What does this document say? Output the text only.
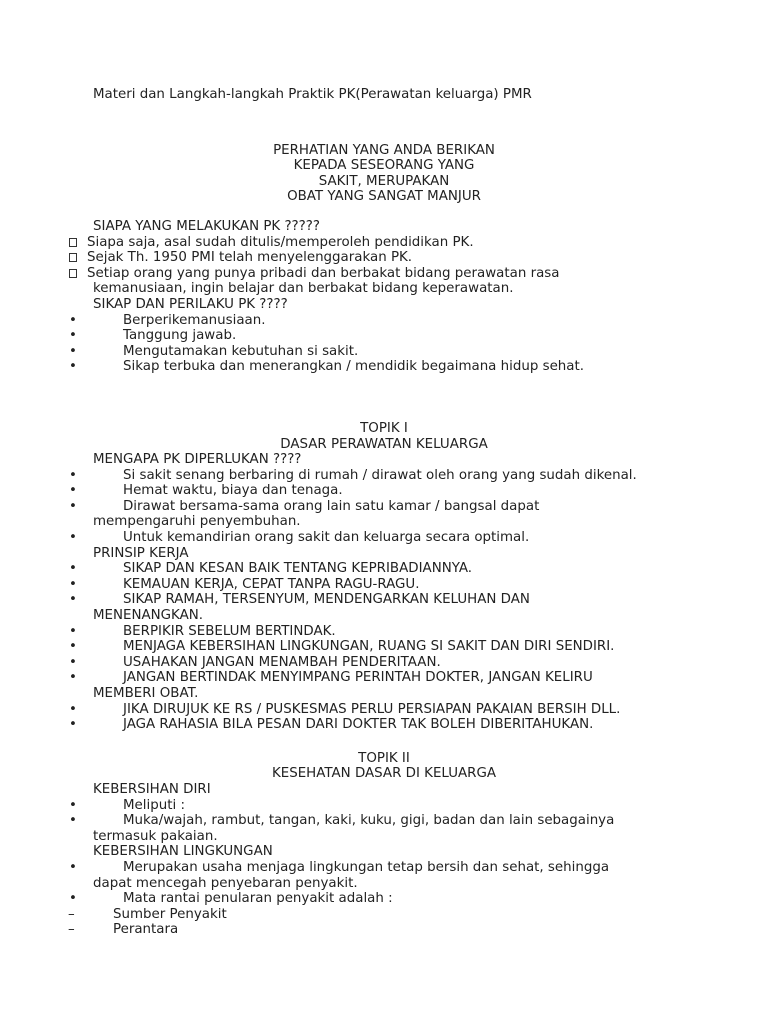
Materi dan Langkah-langkah Praktik PK(Perawatan keluarga) PMR
PERHATIAN YANG ANDA BERIKAN
KEPADA SESEORANG YANG
SAKIT, MERUPAKAN
OBAT YANG SANGAT MANJUR
SIAPA YANG MELAKUKAN PK ?????
Siapa saja, asal sudah ditulis/memperoleh pendidikan PK.
Sejak Th. 1950 PMI telah menyelenggarakan PK.
Setiap orang yang punya pribadi dan berbakat bidang perawatan rasa
kemanusiaan, ingin belajar dan berbakat bidang keperawatan.
SIKAP DAN PERILAKU PK ????
•	Berperikemanusiaan.
•	Tanggung jawab.
•	Mengutamakan kebutuhan si sakit.
•	Sikap terbuka dan menerangkan / mendidik begaimana hidup sehat.
TOPIK I
DASAR PERAWATAN KELUARGA
MENGAPA PK DIPERLUKAN ????
•	Si sakit senang berbaring di rumah / dirawat oleh orang yang sudah dikenal.
•	Hemat waktu, biaya dan tenaga.
•	Dirawat bersama-sama orang lain satu kamar / bangsal dapat
mempengaruhi penyembuhan.
•	Untuk kemandirian orang sakit dan keluarga secara optimal.
PRINSIP KERJA
•	SIKAP DAN KESAN BAIK TENTANG KEPRIBADIANNYA.
•	KEMAUAN KERJA, CEPAT TANPA RAGU-RAGU.
•	SIKAP RAMAH, TERSENYUM, MENDENGARKAN KELUHAN DAN
MENENANGKAN.
•	BERPIKIR SEBELUM BERTINDAK.
•	MENJAGA KEBERSIHAN LINGKUNGAN, RUANG SI SAKIT DAN DIRI SENDIRI.
•	USAHAKAN JANGAN MENAMBAH PENDERITAAN.
•	JANGAN BERTINDAK MENYIMPANG PERINTAH DOKTER, JANGAN KELIRU
MEMBERI OBAT.
•	JIKA DIRUJUK KE RS / PUSKESMAS PERLU PERSIAPAN PAKAIAN BERSIH DLL.
•	JAGA RAHASIA BILA PESAN DARI DOKTER TAK BOLEH DIBERITAHUKAN.
TOPIK II
KESEHATAN DASAR DI KELUARGA
KEBERSIHAN DIRI
•	Meliputi :
•	Muka/wajah, rambut, tangan, kaki, kuku, gigi, badan dan lain sebagainya
termasuk pakaian.
KEBERSIHAN LINGKUNGAN
•	Merupakan usaha menjaga lingkungan tetap bersih dan sehat, sehingga
dapat mencegah penyebaran penyakit.
•	Mata rantai penularan penyakit adalah :
–	Sumber Penyakit
–	Perantara
